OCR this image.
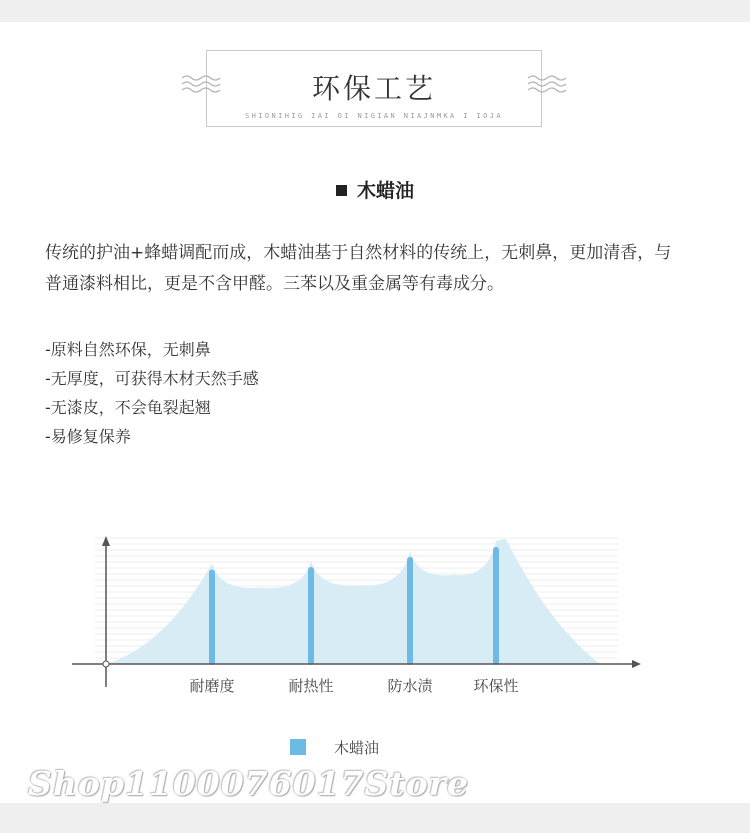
环保工艺
SHIONIHIG IAI OI NIGIAN NIAJNMKA I IOJA
木蜡油
传统的护油+蜂蜡调配而成，木蜡油基于自然材料的传统上，无刺鼻，更加清香，与普通漆料相比，更是不含甲醛。三苯以及重金属等有毒成分。
-原料自然环保，无刺鼻
-无厚度，可获得木材天然手感
-无漆皮，不会龟裂起翘
-易修复保养
耐磨度	耐热性	防水渍	环保性
木蜡油
Shop1100076017Store
